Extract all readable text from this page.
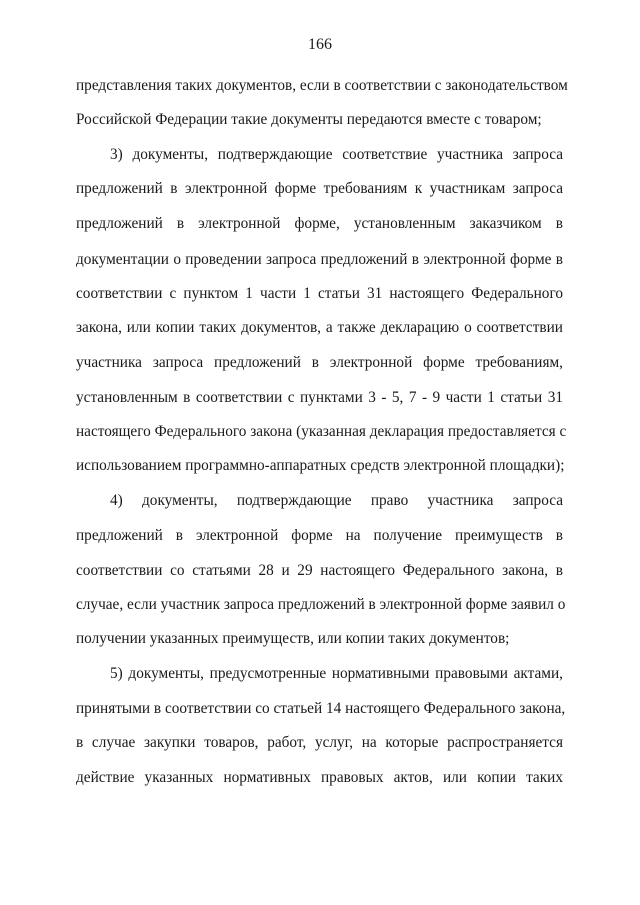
166
представления таких документов, если в соответствии с законодательством
Российской Федерации такие документы передаются вместе с товаром;
3) документы, подтверждающие соответствие участника запроса
предложений в электронной форме требованиям к участникам запроса
предложений в электронной форме, установленным заказчиком в
документации о проведении запроса предложений в электронной форме в
соответствии с пунктом 1 части 1 статьи 31 настоящего Федерального
закона, или копии таких документов, а также декларацию о соответствии
участника запроса предложений в электронной форме требованиям,
установленным в соответствии с пунктами 3 - 5, 7 - 9 части 1 статьи 31
настоящего Федерального закона (указанная декларация предоставляется с
использованием программно-аппаратных средств электронной площадки);
4) документы, подтверждающие право участника запроса
предложений в электронной форме на получение преимуществ в
соответствии со статьями 28 и 29 настоящего Федерального закона, в
случае, если участник запроса предложений в электронной форме заявил о
получении указанных преимуществ, или копии таких документов;
5) документы, предусмотренные нормативными правовыми актами,
принятыми в соответствии со статьей 14 настоящего Федерального закона,
в случае закупки товаров, работ, услуг, на которые распространяется
действие указанных нормативных правовых актов, или копии таких
